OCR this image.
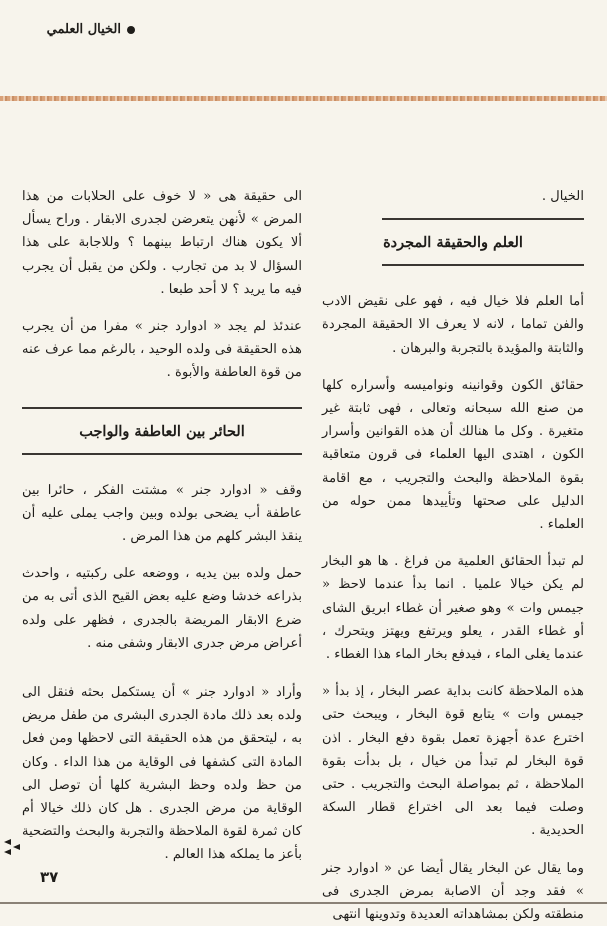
الخيال العلمي

الخيال .

العلم والحقيقة المجردة

أما العلم فلا خيال فيه ، فهو على نقيض الادب والفن تماما ، لانه لا يعرف الا الحقيقة المجردة والثابتة والمؤيدة بالتجربة والبرهان .

حقائق الكون وقوانينه ونواميسه وأسراره كلها من صنع الله سبحانه وتعالى ، فهى ثابتة غير متغيرة . وكل ما هنالك أن هذه القوانين وأسرار الكون ، اهتدى اليها العلماء فى قرون متعاقبة بقوة الملاحظة والبحث والتجريب ، مع اقامة الدليل على صحتها وتأييدها ممن حوله من العلماء .

لم تبدأ الحقائق العلمية من فراغ . ها هو البخار لم يكن خيالا علميا . انما بدأ عندما لاحظ « جيمس وات » وهو صغير أن غطاء ابريق الشاى أو غطاء القدر ، يعلو ويرتفع ويهتز ويتحرك ، عندما يغلى الماء ، فيدفع بخار الماء هذا الغطاء .

هذه الملاحظة كانت بداية عصر البخار ، إذ بدأ « جيمس وات » يتابع قوة البخار ، ويبحث حتى اخترع عدة أجهزة تعمل بقوة دفع البخار . اذن قوة البخار لم تبدأ من خيال ، بل بدأت بقوة الملاحظة ، ثم بمواصلة البحث والتجريب . حتى وصلت فيما بعد الى اختراع قطار السكة الحديدية .

وما يقال عن البخار يقال أيضا عن « ادوارد جنر » فقد وجد أن الاصابة بمرض الجدرى فى منطقته ولكن بمشاهداته العديدة وتدوينها انتهى

الى حقيقة هى « لا خوف على الحلابات من هذا المرض » لأنهن يتعرضن لجدرى الابقار . وراح يسأل ألا يكون هناك ارتباط بينهما ؟ وللاجابة على هذا السؤال لا بد من تجارب . ولكن من يقبل أن يجرب فيه ما يريد ؟ لا أحد طبعا .

عندئذ لم يجد « ادوارد جنر » مفرا من أن يجرب هذه الحقيقة فى ولده الوحيد ، بالرغم مما عرف عنه من قوة العاطفة والأبوة .

الحائر بين العاطفة والواجب

وقف « ادوارد جنر » مشتت الفكر ، حائرا بين عاطفة أب يضحى بولده وبين واجب يملى عليه أن ينقذ البشر كلهم من هذا المرض .

حمل ولده بين يديه ، ووضعه على ركبتيه ، واحدث بذراعه خدشا وضع عليه بعض القيح الذى أتى به من ضرع الابقار المريضة بالجدرى ، فظهر على ولده أعراض مرض جدرى الابقار وشفى منه .

وأراد « ادوارد جنر » أن يستكمل بحثه فنقل الى ولده بعد ذلك مادة الجدرى البشرى من طفل مريض به ، ليتحقق من هذه الحقيقة التى لاحظها ومن فعل المادة التى كشفها فى الوقاية من هذا الداء . وكان من حظ ولده وحظ البشرية كلها أن توصل الى الوقاية من مرض الجدرى . هل كان ذلك خيالا أم كان ثمرة لقوة الملاحظة والتجربة والبحث والتضحية بأعز ما يملكه هذا العالم .

٣٧
